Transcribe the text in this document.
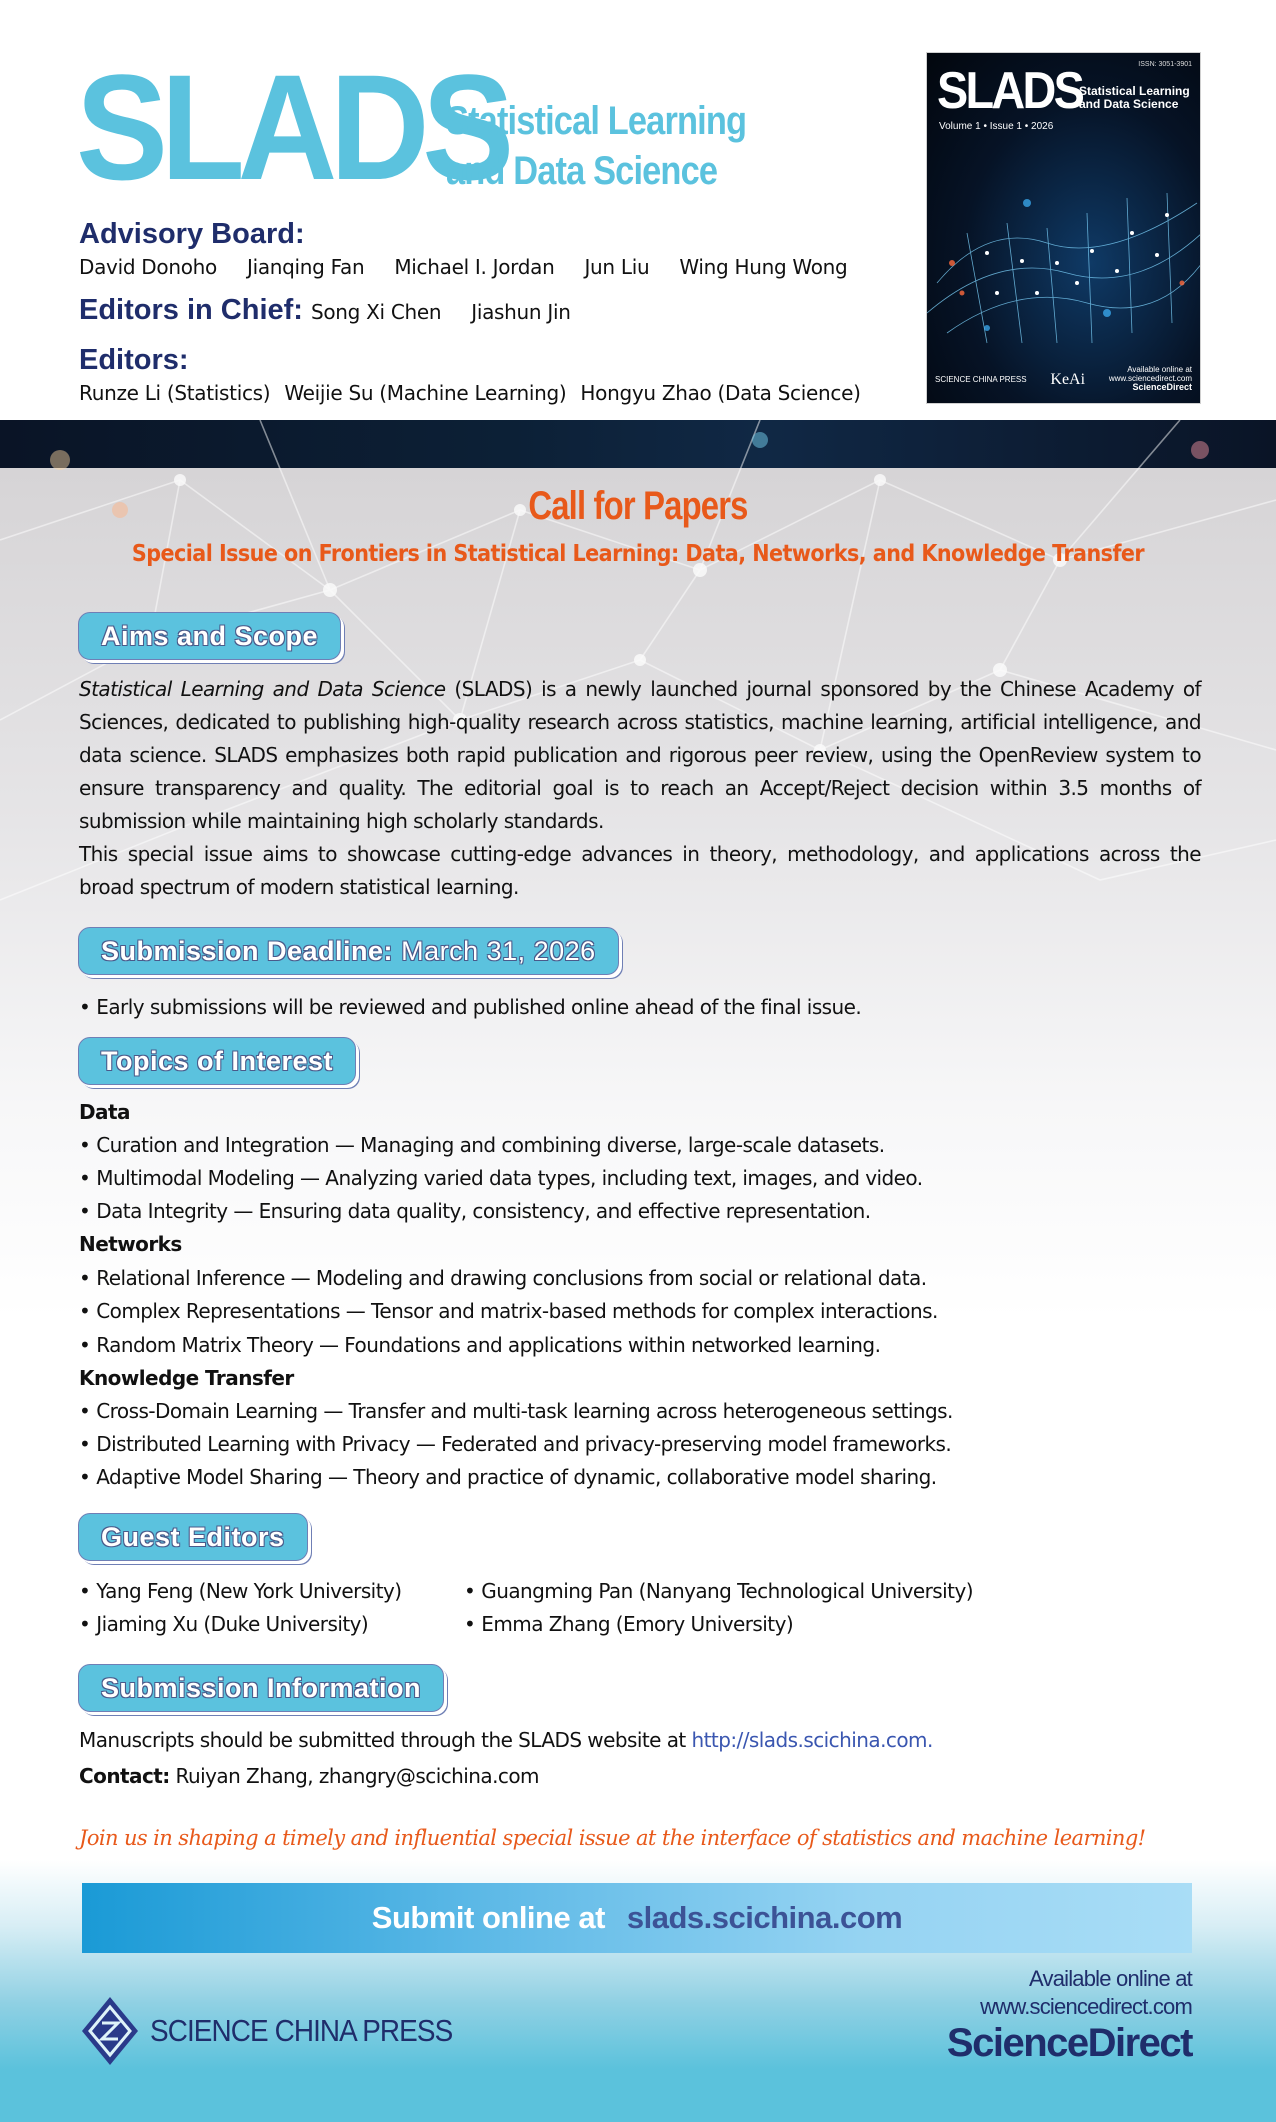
SLADS
Statistical Learning
and Data Science
Advisory Board:
David Donoho Jianqing Fan Michael I. Jordan Jun Liu Wing Hung Wong
Editors in Chief: Song Xi Chen Jiashun Jin
Editors:
Runze Li (Statistics) Weijie Su (Machine Learning) Hongyu Zhao (Data Science)
ISSN: 3051-3901
SLADS
Statistical Learning
and Data Science
Volume 1 • Issue 1 • 2026
SCIENCE CHINA PRESS KeAi
Available online at
www.sciencedirect.com
ScienceDirect
Call for Papers
Special Issue on Frontiers in Statistical Learning: Data, Networks, and Knowledge Transfer
Aims and Scope
Statistical Learning and Data Science (SLADS) is a newly launched journal sponsored by the Chinese Academy of Sciences, dedicated to publishing high-quality research across statistics, machine learning, artificial intelligence, and data science. SLADS emphasizes both rapid publication and rigorous peer review, using the OpenReview system to ensure transparency and quality. The editorial goal is to reach an Accept/Reject decision within 3.5 months of submission while maintaining high scholarly standards.
This special issue aims to showcase cutting-edge advances in theory, methodology, and applications across the broad spectrum of modern statistical learning.
Submission Deadline: March 31, 2026
• Early submissions will be reviewed and published online ahead of the final issue.
Topics of Interest
Data
• Curation and Integration — Managing and combining diverse, large-scale datasets.
• Multimodal Modeling — Analyzing varied data types, including text, images, and video.
• Data Integrity — Ensuring data quality, consistency, and effective representation.
Networks
• Relational Inference — Modeling and drawing conclusions from social or relational data.
• Complex Representations — Tensor and matrix-based methods for complex interactions.
• Random Matrix Theory — Foundations and applications within networked learning.
Knowledge Transfer
• Cross-Domain Learning — Transfer and multi-task learning across heterogeneous settings.
• Distributed Learning with Privacy — Federated and privacy-preserving model frameworks.
• Adaptive Model Sharing — Theory and practice of dynamic, collaborative model sharing.
Guest Editors
• Yang Feng (New York University)	• Guangming Pan (Nanyang Technological University)
• Jiaming Xu (Duke University)	• Emma Zhang (Emory University)
Submission Information
Manuscripts should be submitted through the SLADS website at http://slads.scichina.com.
Contact: Ruiyan Zhang, zhangry@scichina.com
Join us in shaping a timely and influential special issue at the interface of statistics and machine learning!
Submit online at slads.scichina.com
SCIENCE CHINA PRESS
Available online at
www.sciencedirect.com
ScienceDirect
